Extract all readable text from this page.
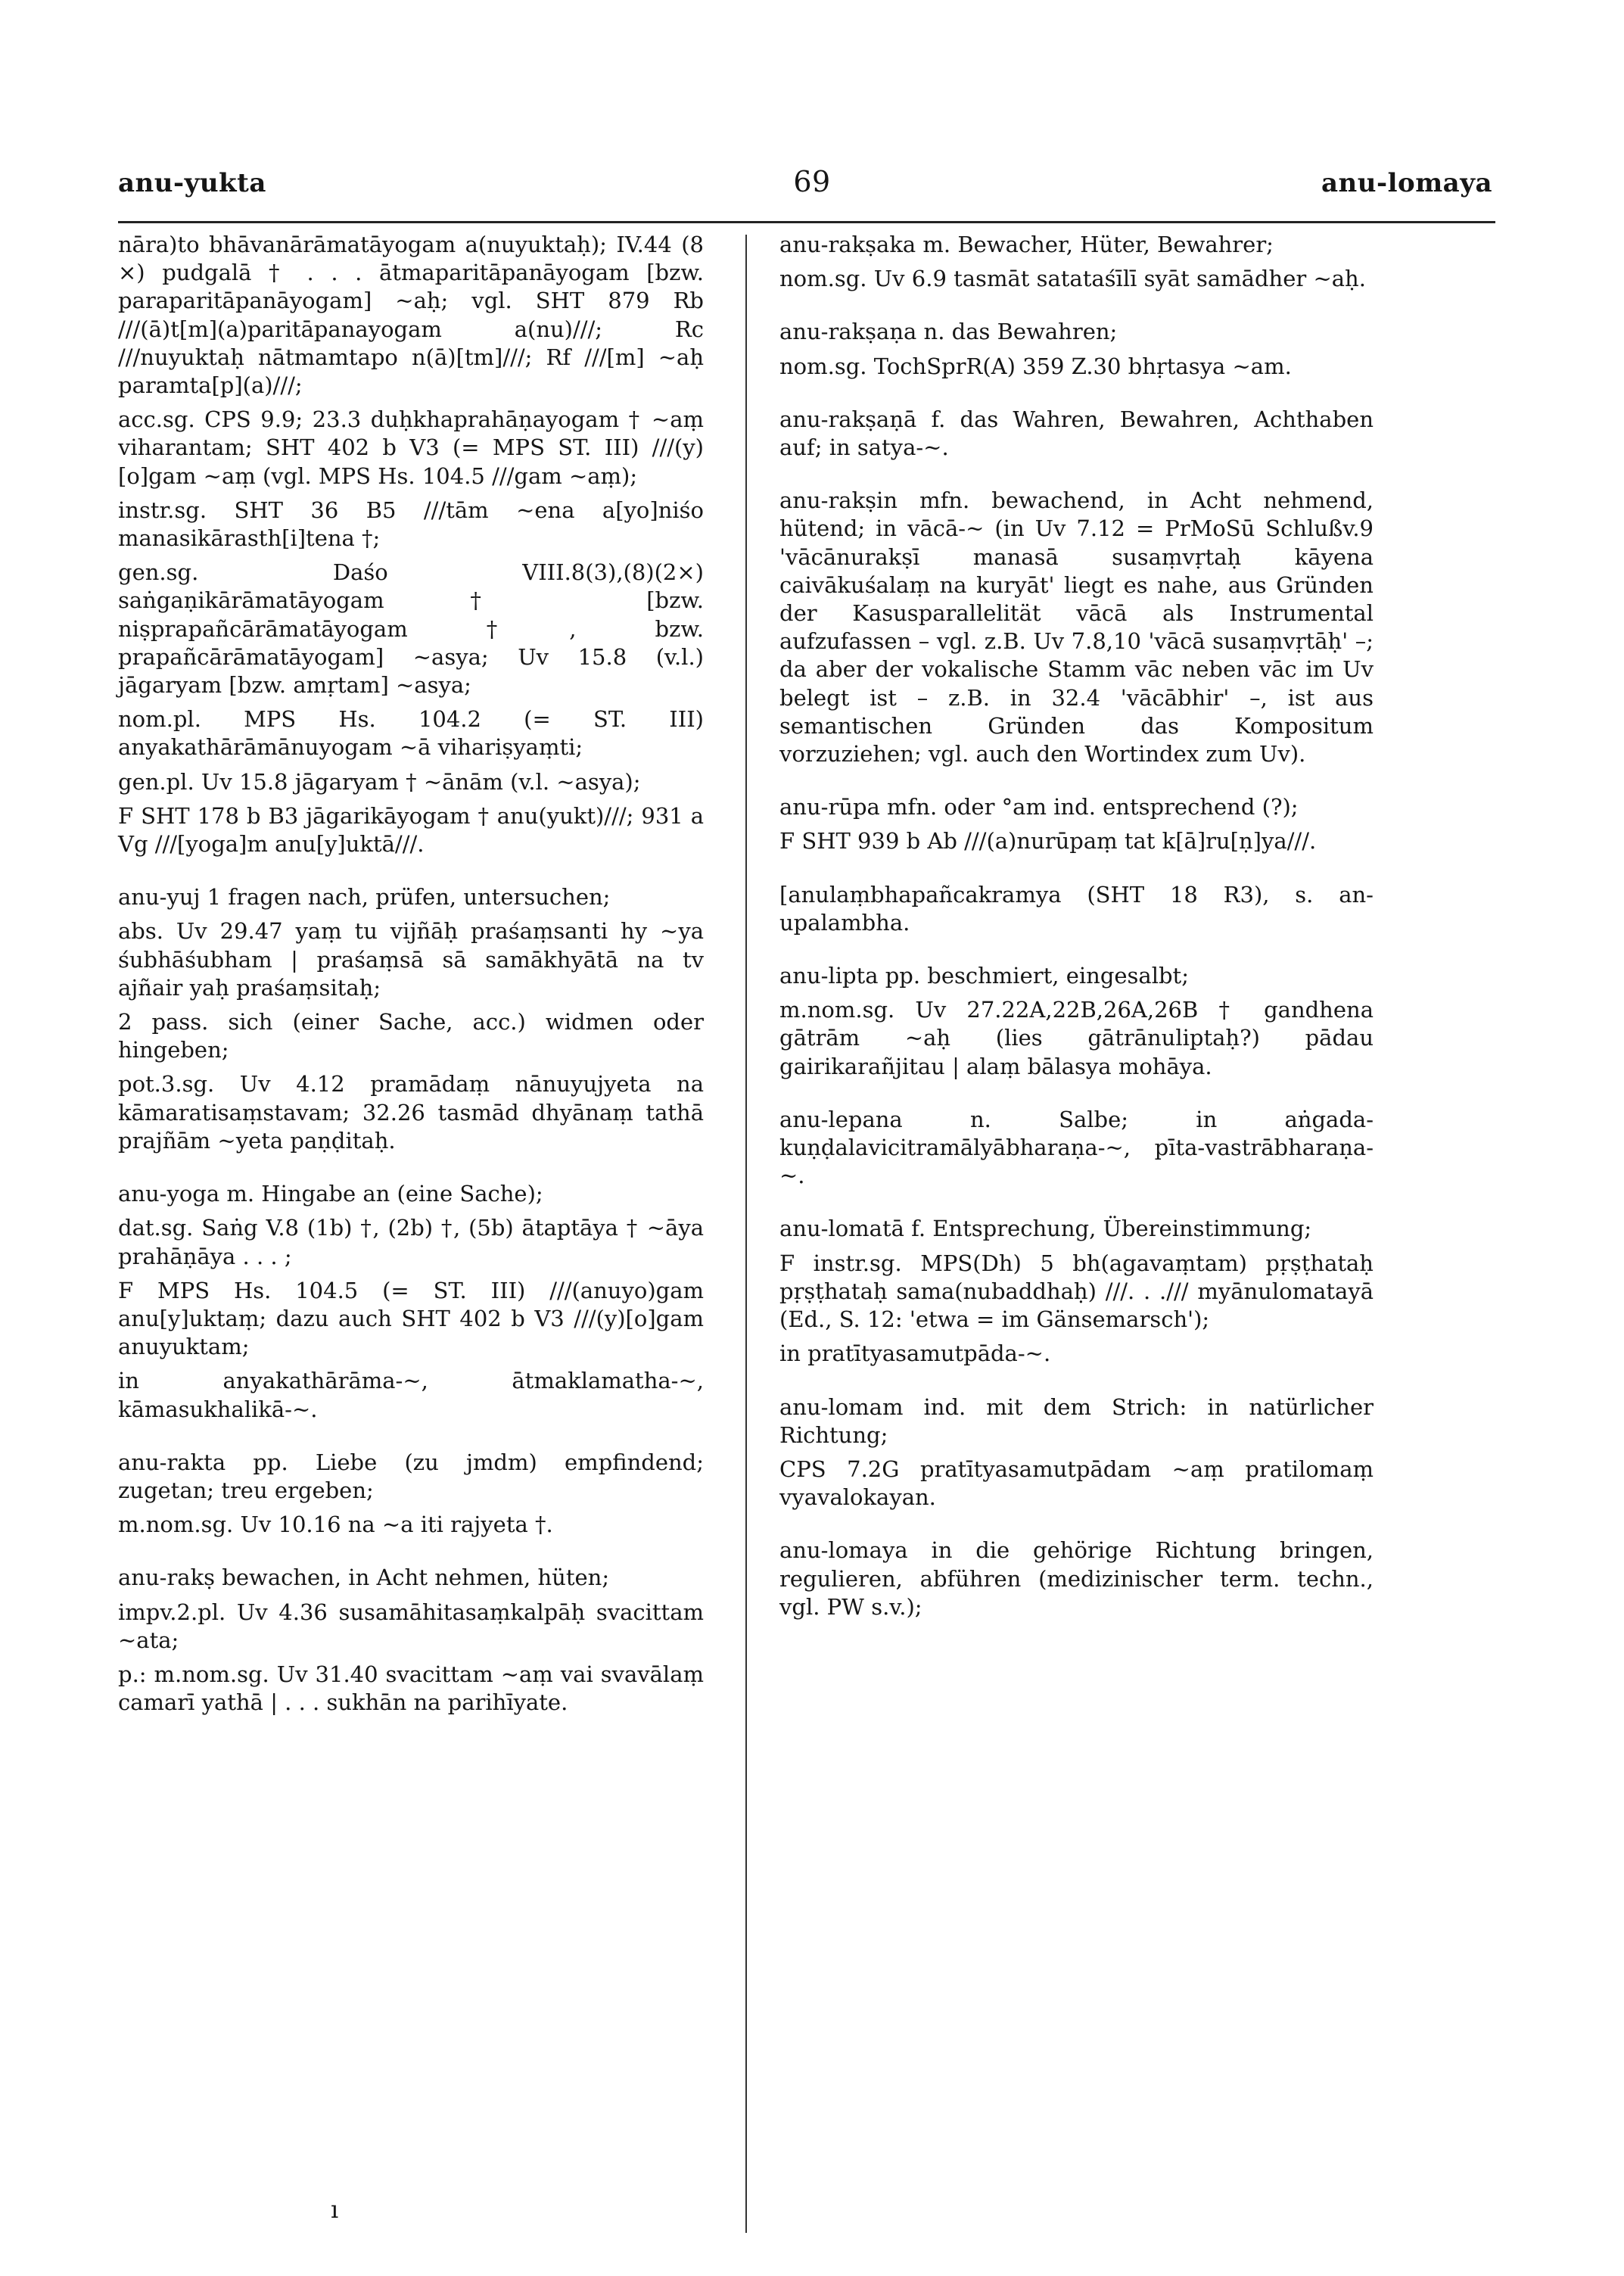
anu-yukta	69	anu-lomaya

nāra)to bhāvanārāmatāyogam a(nuyuktaḥ); IV.44 (8 ×) pudgalā † . . . ātmaparitāpanāyogam [bzw. paraparitāpanāyogam] ~aḥ; vgl. SHT 879 Rb ///(ā)t[m](a)paritāpanayogam a(nu)///; Rc ///nuyuktaḥ nātmamtapo n(ā)[tm]///; Rf ///[m] ~aḥ paramta[p](a)///;

acc.sg. CPS 9.9; 23.3 duḥkhaprahāṇayogam † ~aṃ viharantam; SHT 402 b V3 (= MPS ST. III) ///(y)[o]gam ~aṃ (vgl. MPS Hs. 104.5 ///gam ~aṃ);

instr.sg. SHT 36 B5 ///tām ~ena a[yo]niśo manasikārasth[i]tena †;

gen.sg. Daśo VIII.8(3),(8)(2×) saṅgaṇikārāmatāyogam † [bzw. niṣprapañcārāmatāyogam †, bzw. prapañcārāmatāyogam] ~asya; Uv 15.8 (v.l.) jāgaryam [bzw. amṛtam] ~asya;

nom.pl. MPS Hs. 104.2 (= ST. III) anyakathārāmānuyogam ~ā vihariṣyaṃti;

gen.pl. Uv 15.8 jāgaryam † ~ānām (v.l. ~asya);

F SHT 178 b B3 jāgarikāyogam † anu(yukt)///; 931 a Vg ///[yoga]m anu[y]uktā///.

anu-yuj 1 fragen nach, prüfen, untersuchen;

abs. Uv 29.47 yaṃ tu vijñāḥ praśaṃsanti hy ~ya śubhāśubham | praśaṃsā sā samākhyātā na tv ajñair yaḥ praśaṃsitaḥ;

2 pass. sich (einer Sache, acc.) widmen oder hingeben;

pot.3.sg. Uv 4.12 pramādaṃ nānuyujyeta na kāmaratisaṃstavam; 32.26 tasmād dhyānaṃ tathā prajñām ~yeta paṇḍitaḥ.

anu-yoga m. Hingabe an (eine Sache);

dat.sg. Saṅg V.8 (1b) †, (2b) †, (5b) ātaptāya † ~āya prahāṇāya . . . ;

F MPS Hs. 104.5 (= ST. III) ///(anuyo)gam anu[y]uktaṃ; dazu auch SHT 402 b V3 ///(y)[o]gam anuyuktam;

in anyakathārāma-~, ātmaklamatha-~, kāmasukhalikā-~.

anu-rakta pp. Liebe (zu jmdm) empfindend; zugetan; treu ergeben;

m.nom.sg. Uv 10.16 na ~a iti rajyeta †.

anu-rakṣ bewachen, in Acht nehmen, hüten;

impv.2.pl. Uv 4.36 susamāhitasaṃkalpāḥ svacittam ~ata;

p.: m.nom.sg. Uv 31.40 svacittam ~aṃ vai svavālaṃ camarī yathā | . . . sukhān na parihīyate.

anu-rakṣaka m. Bewacher, Hüter, Bewahrer;

nom.sg. Uv 6.9 tasmāt satataśīlī syāt samādher ~aḥ.

anu-rakṣaṇa n. das Bewahren;

nom.sg. TochSprR(A) 359 Z.30 bhṛtasya ~am.

anu-rakṣaṇā f. das Wahren, Bewahren, Achthaben auf; in satya-~.

anu-rakṣin mfn. bewachend, in Acht nehmend, hütend; in vācā-~ (in Uv 7.12 = PrMoSū Schlußv.9 'vācānurakṣī manasā susaṃvṛtaḥ kāyena caivākuśalaṃ na kuryāt' liegt es nahe, aus Gründen der Kasusparallelität vācā als Instrumental aufzufassen – vgl. z.B. Uv 7.8,10 'vācā susaṃvṛtāḥ' –; da aber der vokalische Stamm vāc neben vāc im Uv belegt ist – z.B. in 32.4 'vācābhir' –, ist aus semantischen Gründen das Kompositum vorzuziehen; vgl. auch den Wortindex zum Uv).

anu-rūpa mfn. oder °am ind. entsprechend (?);

F SHT 939 b Ab ///(a)nurūpaṃ tat k[ā]ru[ṇ]ya///.

[anulaṃbhapañcakramya (SHT 18 R3), s. an-upalambha.

anu-lipta pp. beschmiert, eingesalbt;

m.nom.sg. Uv 27.22A,22B,26A,26B † gandhena gātrām ~aḥ (lies gātrānuliptaḥ?) pādau gairikarañjitau | alaṃ bālasya mohāya.

anu-lepana n. Salbe; in aṅgada-kuṇḍalavicitramālyābharaṇa-~, pīta-vastrābharaṇa-~.

anu-lomatā f. Entsprechung, Übereinstimmung;

F instr.sg. MPS(Dh) 5 bh(agavaṃtam) pṛṣṭhataḥ pṛṣṭhataḥ sama(nubaddhaḥ) ///. . ./// myānulomatayā (Ed., S. 12: 'etwa = im Gänsemarsch');

in pratītyasamutpāda-~.

anu-lomam ind. mit dem Strich: in natürlicher Richtung;

CPS 7.2G pratītyasamutpādam ~aṃ pratilomaṃ vyavalokayan.

anu-lomaya in die gehörige Richtung bringen, regulieren, abführen (medizinischer term. techn., vgl. PW s.v.);

ı
